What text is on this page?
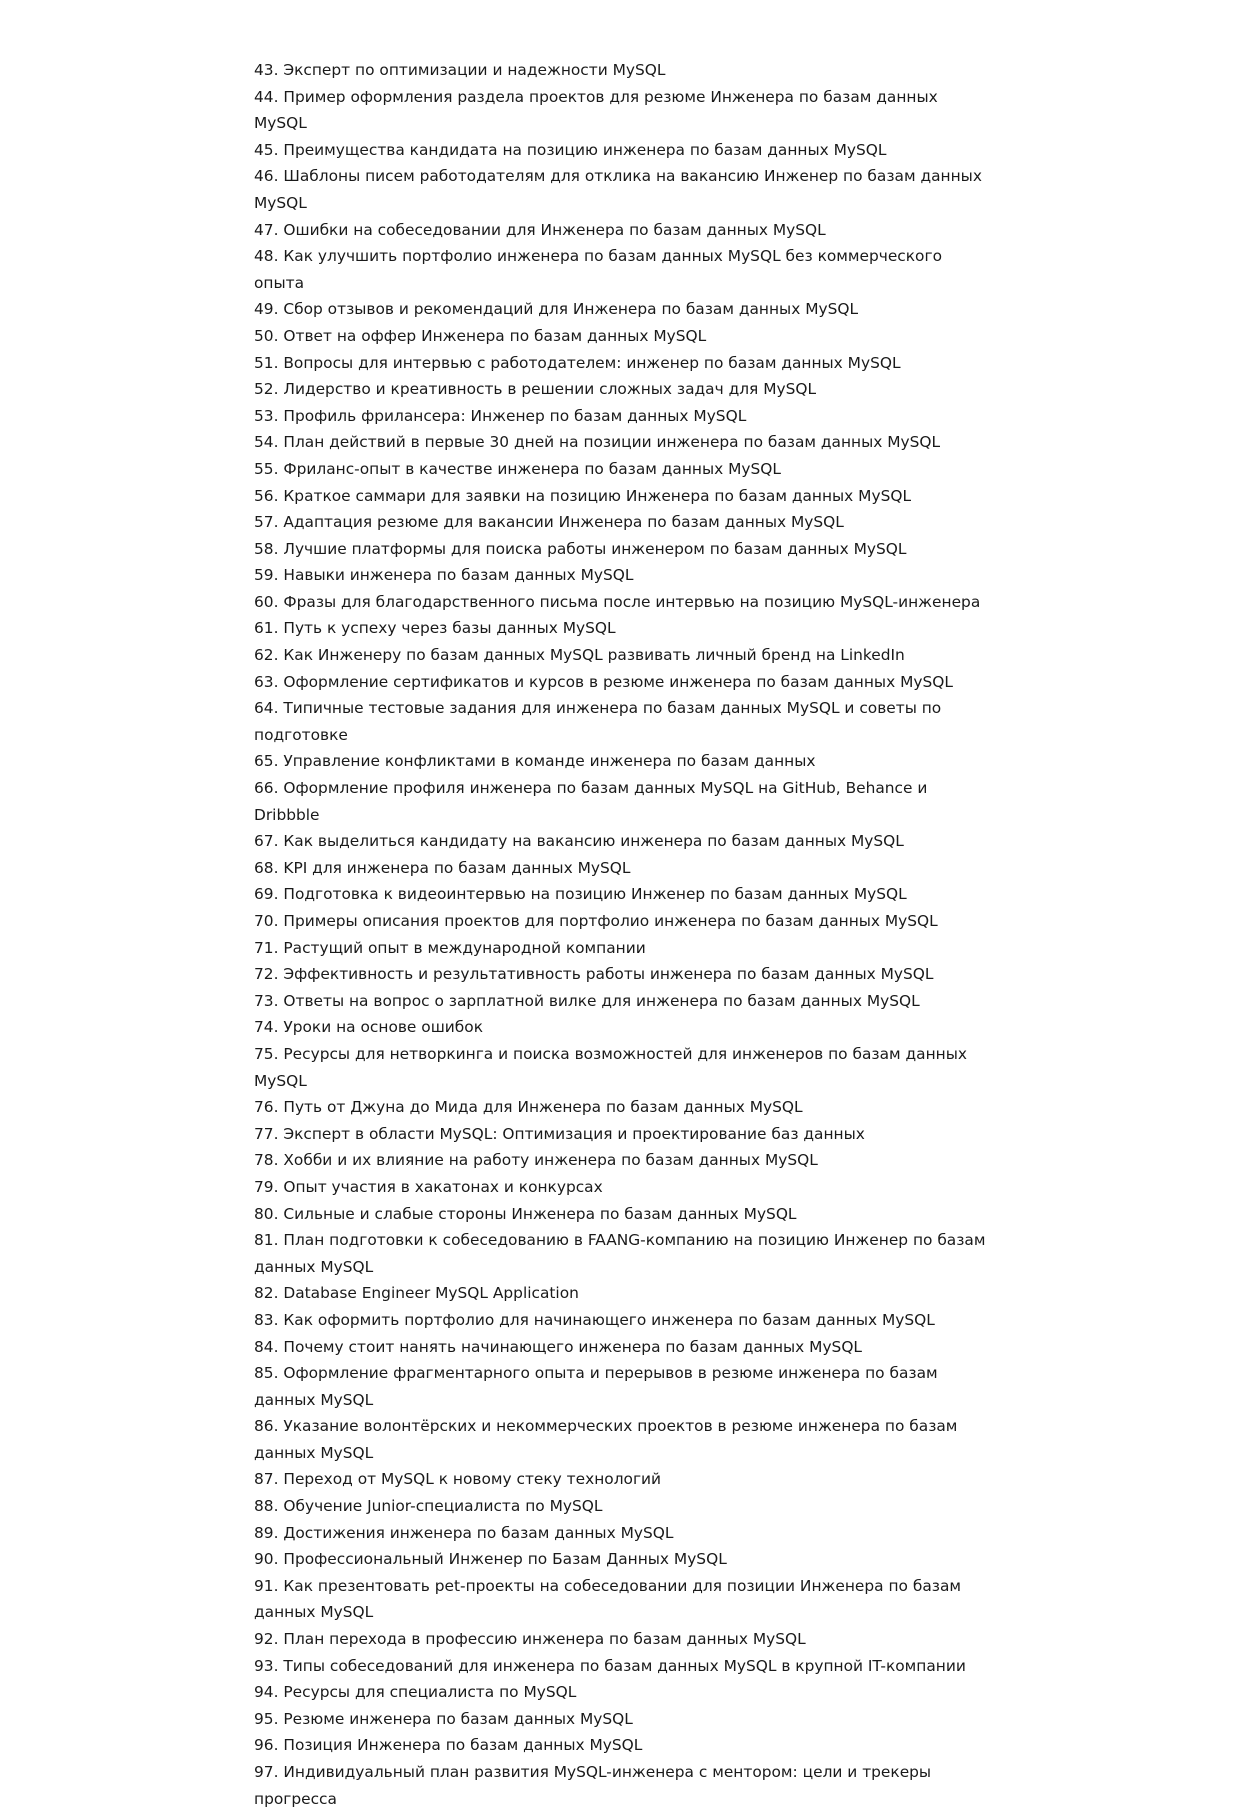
43. Эксперт по оптимизации и надежности MySQL
44. Пример оформления раздела проектов для резюме Инженера по базам данных MySQL
45. Преимущества кандидата на позицию инженера по базам данных MySQL
46. Шаблоны писем работодателям для отклика на вакансию Инженер по базам данных MySQL
47. Ошибки на собеседовании для Инженера по базам данных MySQL
48. Как улучшить портфолио инженера по базам данных MySQL без коммерческого опыта
49. Сбор отзывов и рекомендаций для Инженера по базам данных MySQL
50. Ответ на оффер Инженера по базам данных MySQL
51. Вопросы для интервью с работодателем: инженер по базам данных MySQL
52. Лидерство и креативность в решении сложных задач для MySQL
53. Профиль фрилансера: Инженер по базам данных MySQL
54. План действий в первые 30 дней на позиции инженера по базам данных MySQL
55. Фриланс-опыт в качестве инженера по базам данных MySQL
56. Краткое саммари для заявки на позицию Инженера по базам данных MySQL
57. Адаптация резюме для вакансии Инженера по базам данных MySQL
58. Лучшие платформы для поиска работы инженером по базам данных MySQL
59. Навыки инженера по базам данных MySQL
60. Фразы для благодарственного письма после интервью на позицию MySQL-инженера
61. Путь к успеху через базы данных MySQL
62. Как Инженеру по базам данных MySQL развивать личный бренд на LinkedIn
63. Оформление сертификатов и курсов в резюме инженера по базам данных MySQL
64. Типичные тестовые задания для инженера по базам данных MySQL и советы по подготовке
65. Управление конфликтами в команде инженера по базам данных
66. Оформление профиля инженера по базам данных MySQL на GitHub, Behance и Dribbble
67. Как выделиться кандидату на вакансию инженера по базам данных MySQL
68. KPI для инженера по базам данных MySQL
69. Подготовка к видеоинтервью на позицию Инженер по базам данных MySQL
70. Примеры описания проектов для портфолио инженера по базам данных MySQL
71. Растущий опыт в международной компании
72. Эффективность и результативность работы инженера по базам данных MySQL
73. Ответы на вопрос о зарплатной вилке для инженера по базам данных MySQL
74. Уроки на основе ошибок
75. Ресурсы для нетворкинга и поиска возможностей для инженеров по базам данных MySQL
76. Путь от Джуна до Мида для Инженера по базам данных MySQL
77. Эксперт в области MySQL: Оптимизация и проектирование баз данных
78. Хобби и их влияние на работу инженера по базам данных MySQL
79. Опыт участия в хакатонах и конкурсах
80. Сильные и слабые стороны Инженера по базам данных MySQL
81. План подготовки к собеседованию в FAANG-компанию на позицию Инженер по базам данных MySQL
82. Database Engineer MySQL Application
83. Как оформить портфолио для начинающего инженера по базам данных MySQL
84. Почему стоит нанять начинающего инженера по базам данных MySQL
85. Оформление фрагментарного опыта и перерывов в резюме инженера по базам данных MySQL
86. Указание волонтёрских и некоммерческих проектов в резюме инженера по базам данных MySQL
87. Переход от MySQL к новому стеку технологий
88. Обучение Junior-специалиста по MySQL
89. Достижения инженера по базам данных MySQL
90. Профессиональный Инженер по Базам Данных MySQL
91. Как презентовать pet-проекты на собеседовании для позиции Инженера по базам данных MySQL
92. План перехода в профессию инженера по базам данных MySQL
93. Типы собеседований для инженера по базам данных MySQL в крупной IT-компании
94. Ресурсы для специалиста по MySQL
95. Резюме инженера по базам данных MySQL
96. Позиция Инженера по базам данных MySQL
97. Индивидуальный план развития MySQL-инженера с ментором: цели и трекеры прогресса
